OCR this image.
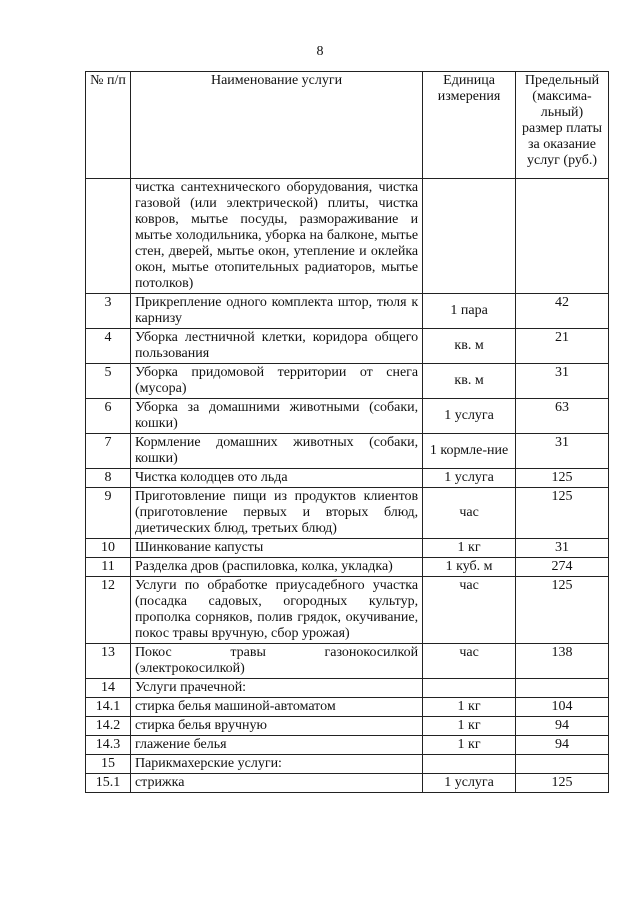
8
№ п/п	Наименование услуги	Единица измерения	Предельный (максима-льный) размер платы за оказание услуг (руб.)
	чистка сантехнического оборудования, чистка газовой (или электрической) плиты, чистка ковров, мытье посуды, размораживание и мытье холодильника, уборка на балконе, мытье стен, дверей, мытье окон, утепление и оклейка окон, мытье отопительных радиаторов, мытье потолков)		
3	Прикрепление одного комплекта штор, тюля к карнизу	1 пара	42
4	Уборка лестничной клетки, коридора общего пользования	кв. м	21
5	Уборка придомовой территории от снега (мусора)	кв. м	31
6	Уборка за домашними животными (собаки, кошки)	1 услуга	63
7	Кормление домашних животных (собаки, кошки)	1 кормле-ние	31
8	Чистка колодцев ото льда	1 услуга	125
9	Приготовление пищи из продуктов клиентов (приготовление первых и вторых блюд, диетических блюд, третьих блюд)	час	125
10	Шинкование капусты	1 кг	31
11	Разделка дров (распиловка, колка, укладка)	1 куб. м	274
12	Услуги по обработке приусадебного участка (посадка садовых, огородных культур, прополка сорняков, полив грядок, окучивание, покос травы вручную, сбор урожая)	час	125
13	Покос травы газонокосилкой (электрокосилкой)	час	138
14	Услуги прачечной:		
14.1	стирка белья машиной-автоматом	1 кг	104
14.2	стирка белья вручную	1 кг	94
14.3	глажение белья	1 кг	94
15	Парикмахерские услуги:		
15.1	стрижка	1 услуга	125
